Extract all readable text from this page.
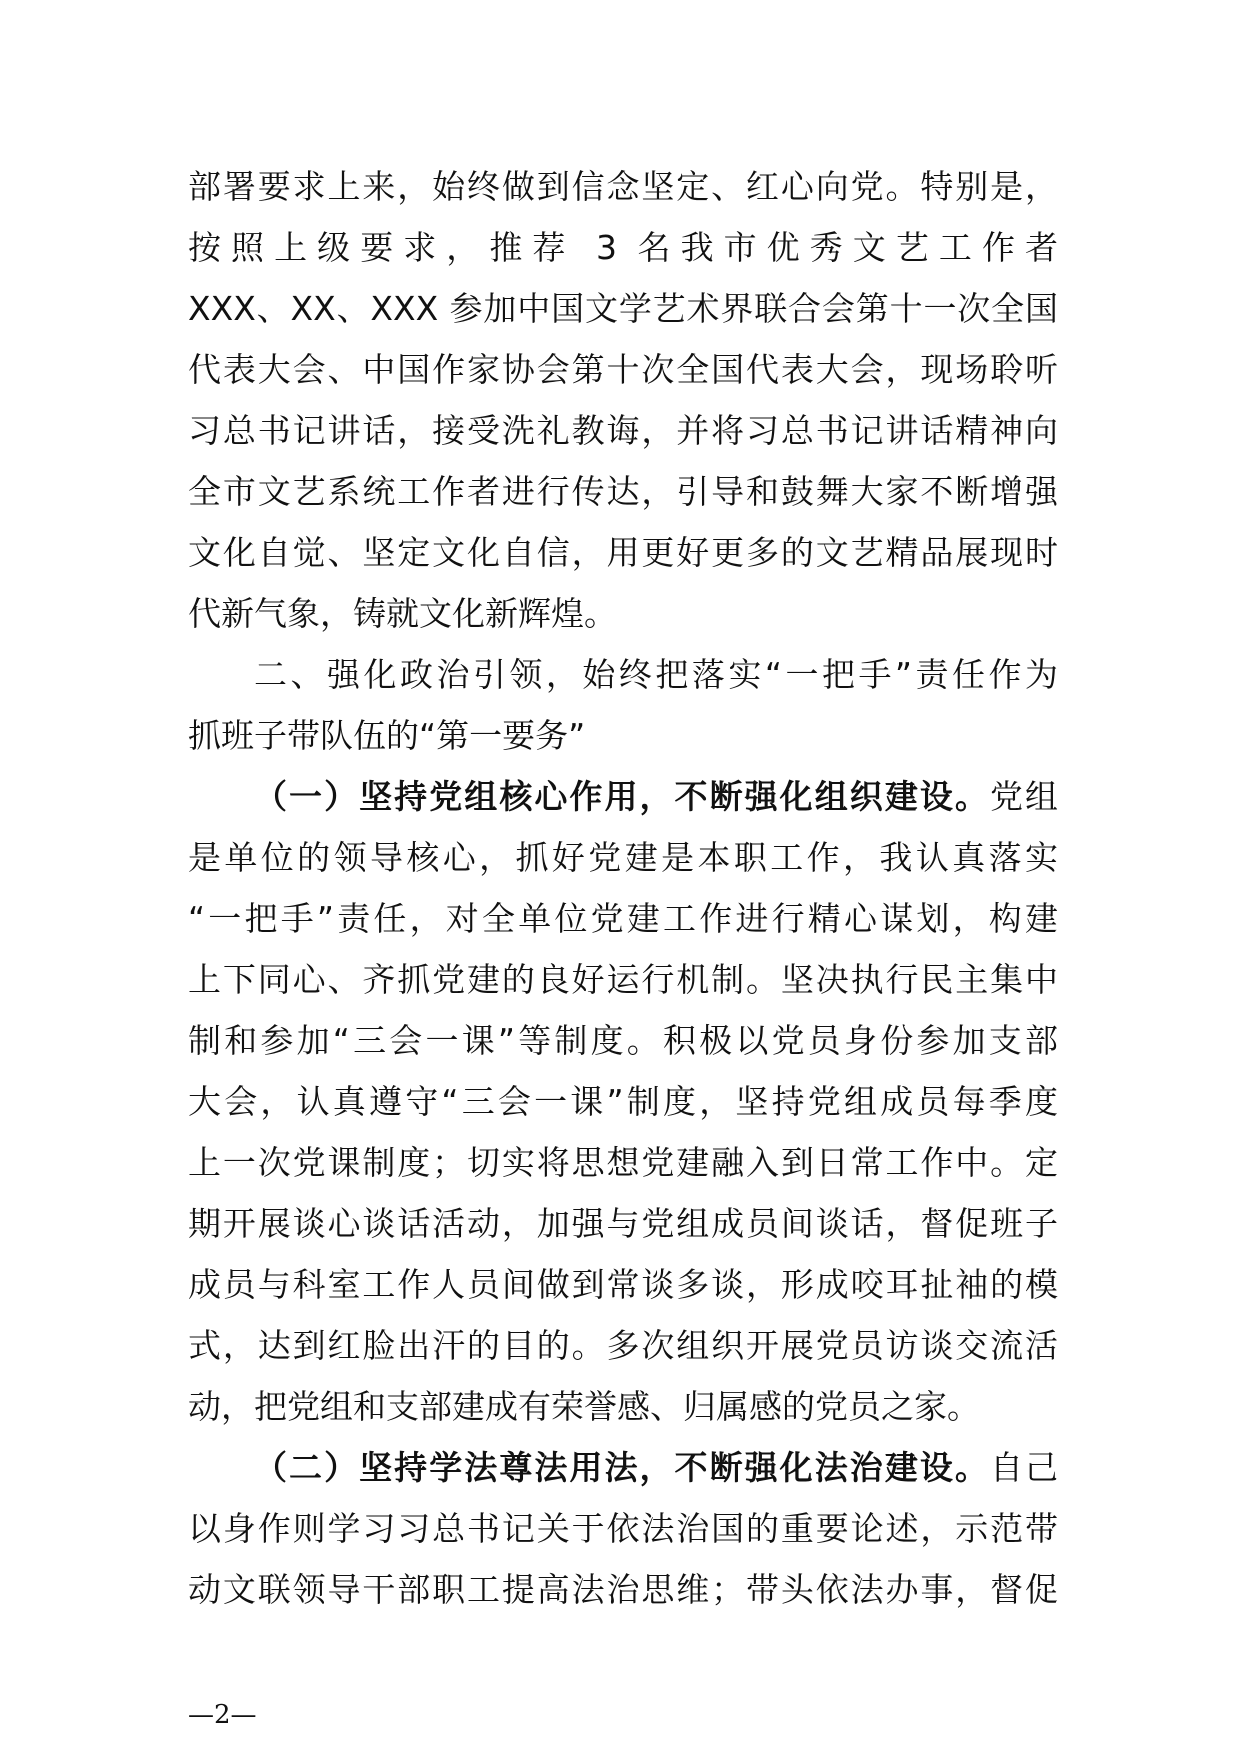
部署要求上来，始终做到信念坚定、红心向党。特别是，
按照上级要求，推荐 3 名我市优秀文艺工作者
XXX、XX、XXX 参加中国文学艺术界联合会第十一次全国
代表大会、中国作家协会第十次全国代表大会，现场聆听
习总书记讲话，接受洗礼教诲，并将习总书记讲话精神向
全市文艺系统工作者进行传达，引导和鼓舞大家不断增强
文化自觉、坚定文化自信，用更好更多的文艺精品展现时
代新气象，铸就文化新辉煌。
二、强化政治引领，始终把落实“一把手”责任作为
抓班子带队伍的“第一要务”
（一）坚持党组核心作用，不断强化组织建设。党组
是单位的领导核心，抓好党建是本职工作，我认真落实
“一把手”责任，对全单位党建工作进行精心谋划，构建
上下同心、齐抓党建的良好运行机制。坚决执行民主集中
制和参加“三会一课”等制度。积极以党员身份参加支部
大会，认真遵守“三会一课”制度，坚持党组成员每季度
上一次党课制度；切实将思想党建融入到日常工作中。定
期开展谈心谈话活动，加强与党组成员间谈话，督促班子
成员与科室工作人员间做到常谈多谈，形成咬耳扯袖的模
式，达到红脸出汗的目的。多次组织开展党员访谈交流活
动，把党组和支部建成有荣誉感、归属感的党员之家。
（二）坚持学法尊法用法，不断强化法治建设。自己
以身作则学习习总书记关于依法治国的重要论述，示范带
动文联领导干部职工提高法治思维；带头依法办事，督促
—2—
